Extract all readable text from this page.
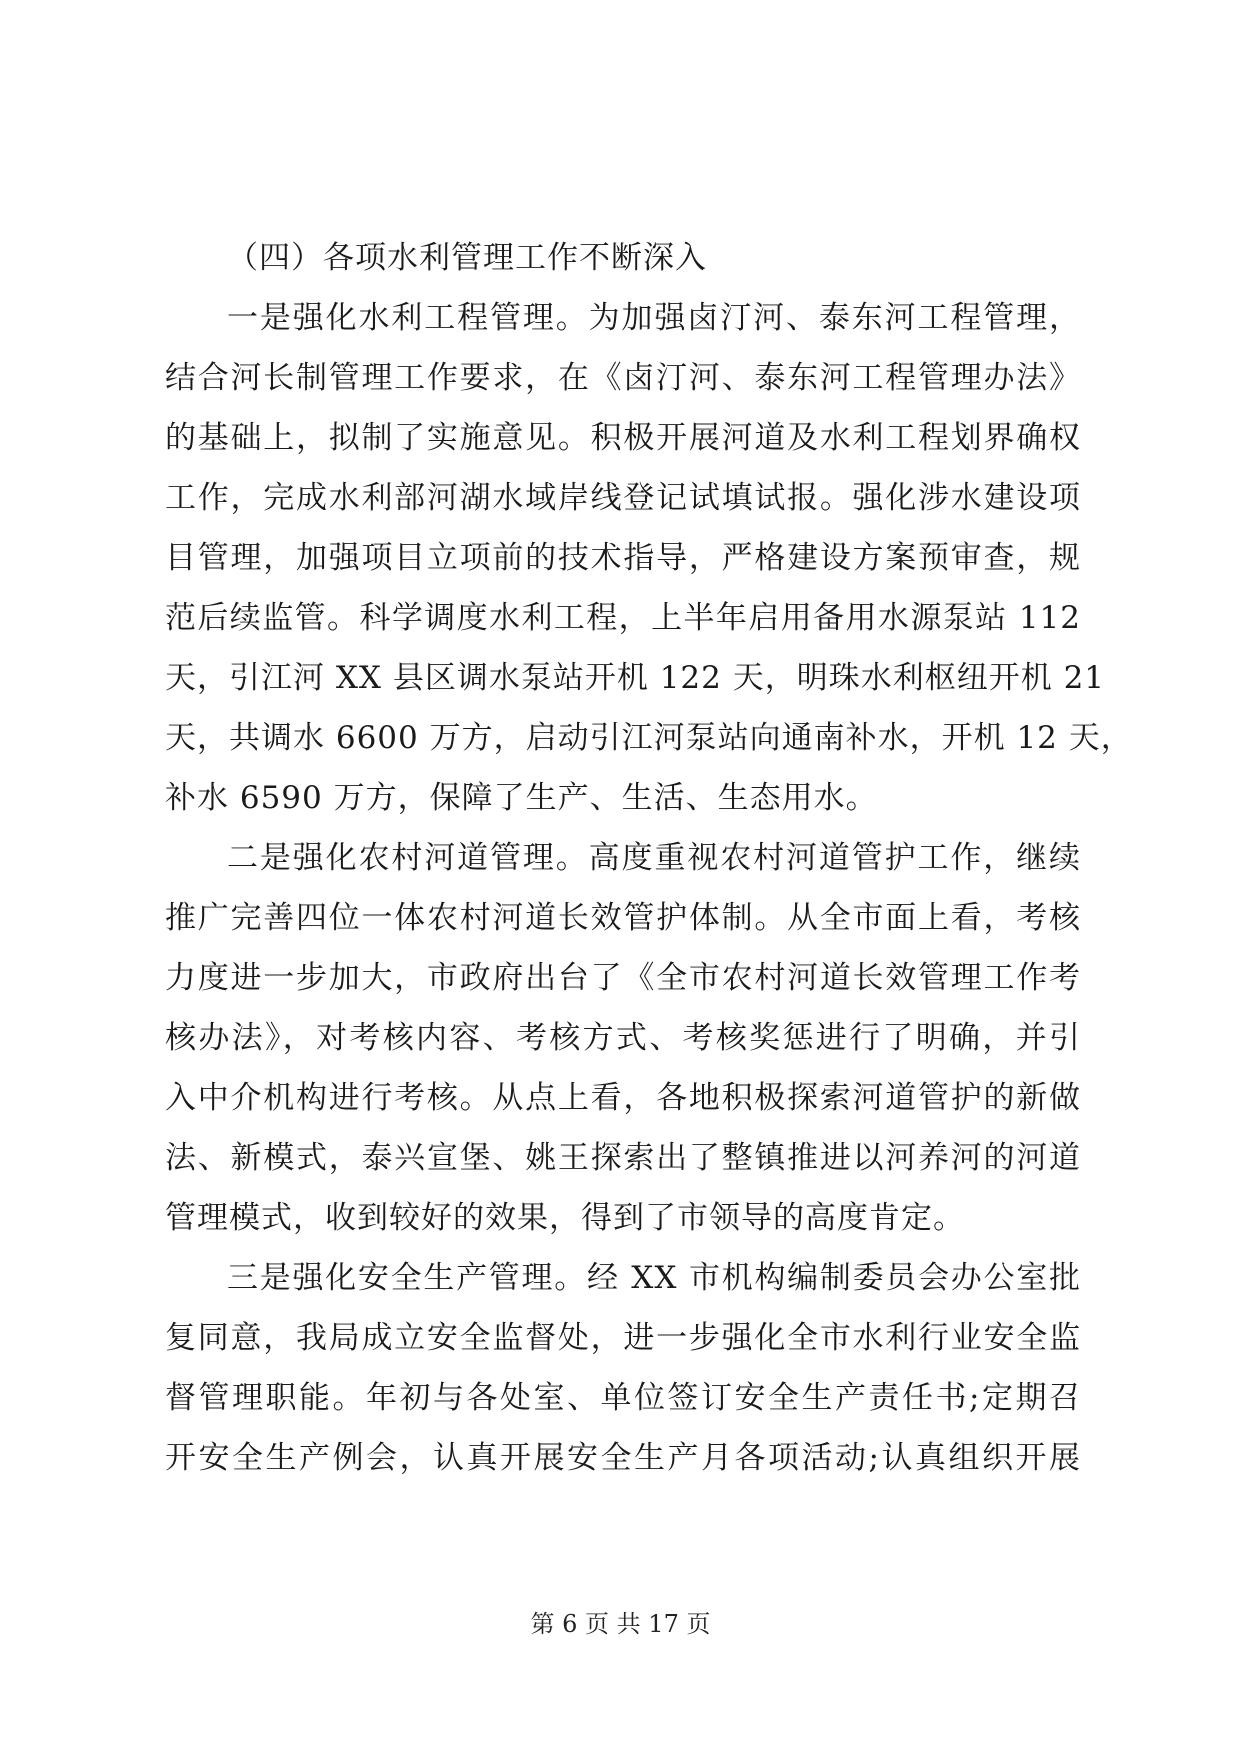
（四）各项水利管理工作不断深入
一是强化水利工程管理。为加强卤汀河、泰东河工程管理，
结合河长制管理工作要求，在《卤汀河、泰东河工程管理办法》
的基础上，拟制了实施意见。积极开展河道及水利工程划界确权
工作，完成水利部河湖水域岸线登记试填试报。强化涉水建设项
目管理，加强项目立项前的技术指导，严格建设方案预审查，规
范后续监管。科学调度水利工程，上半年启用备用水源泵站 112
天，引江河 XX 县区调水泵站开机 122 天，明珠水利枢纽开机 21
天，共调水 6600 万方，启动引江河泵站向通南补水，开机 12 天，
补水 6590 万方，保障了生产、生活、生态用水。
二是强化农村河道管理。高度重视农村河道管护工作，继续
推广完善四位一体农村河道长效管护体制。从全市面上看，考核
力度进一步加大，市政府出台了《全市农村河道长效管理工作考
核办法》，对考核内容、考核方式、考核奖惩进行了明确，并引
入中介机构进行考核。从点上看，各地积极探索河道管护的新做
法、新模式，泰兴宣堡、姚王探索出了整镇推进以河养河的河道
管理模式，收到较好的效果，得到了市领导的高度肯定。
三是强化安全生产管理。经 XX 市机构编制委员会办公室批
复同意，我局成立安全监督处，进一步强化全市水利行业安全监
督管理职能。年初与各处室、单位签订安全生产责任书;定期召
开安全生产例会，认真开展安全生产月各项活动;认真组织开展
第 6 页 共 17 页
